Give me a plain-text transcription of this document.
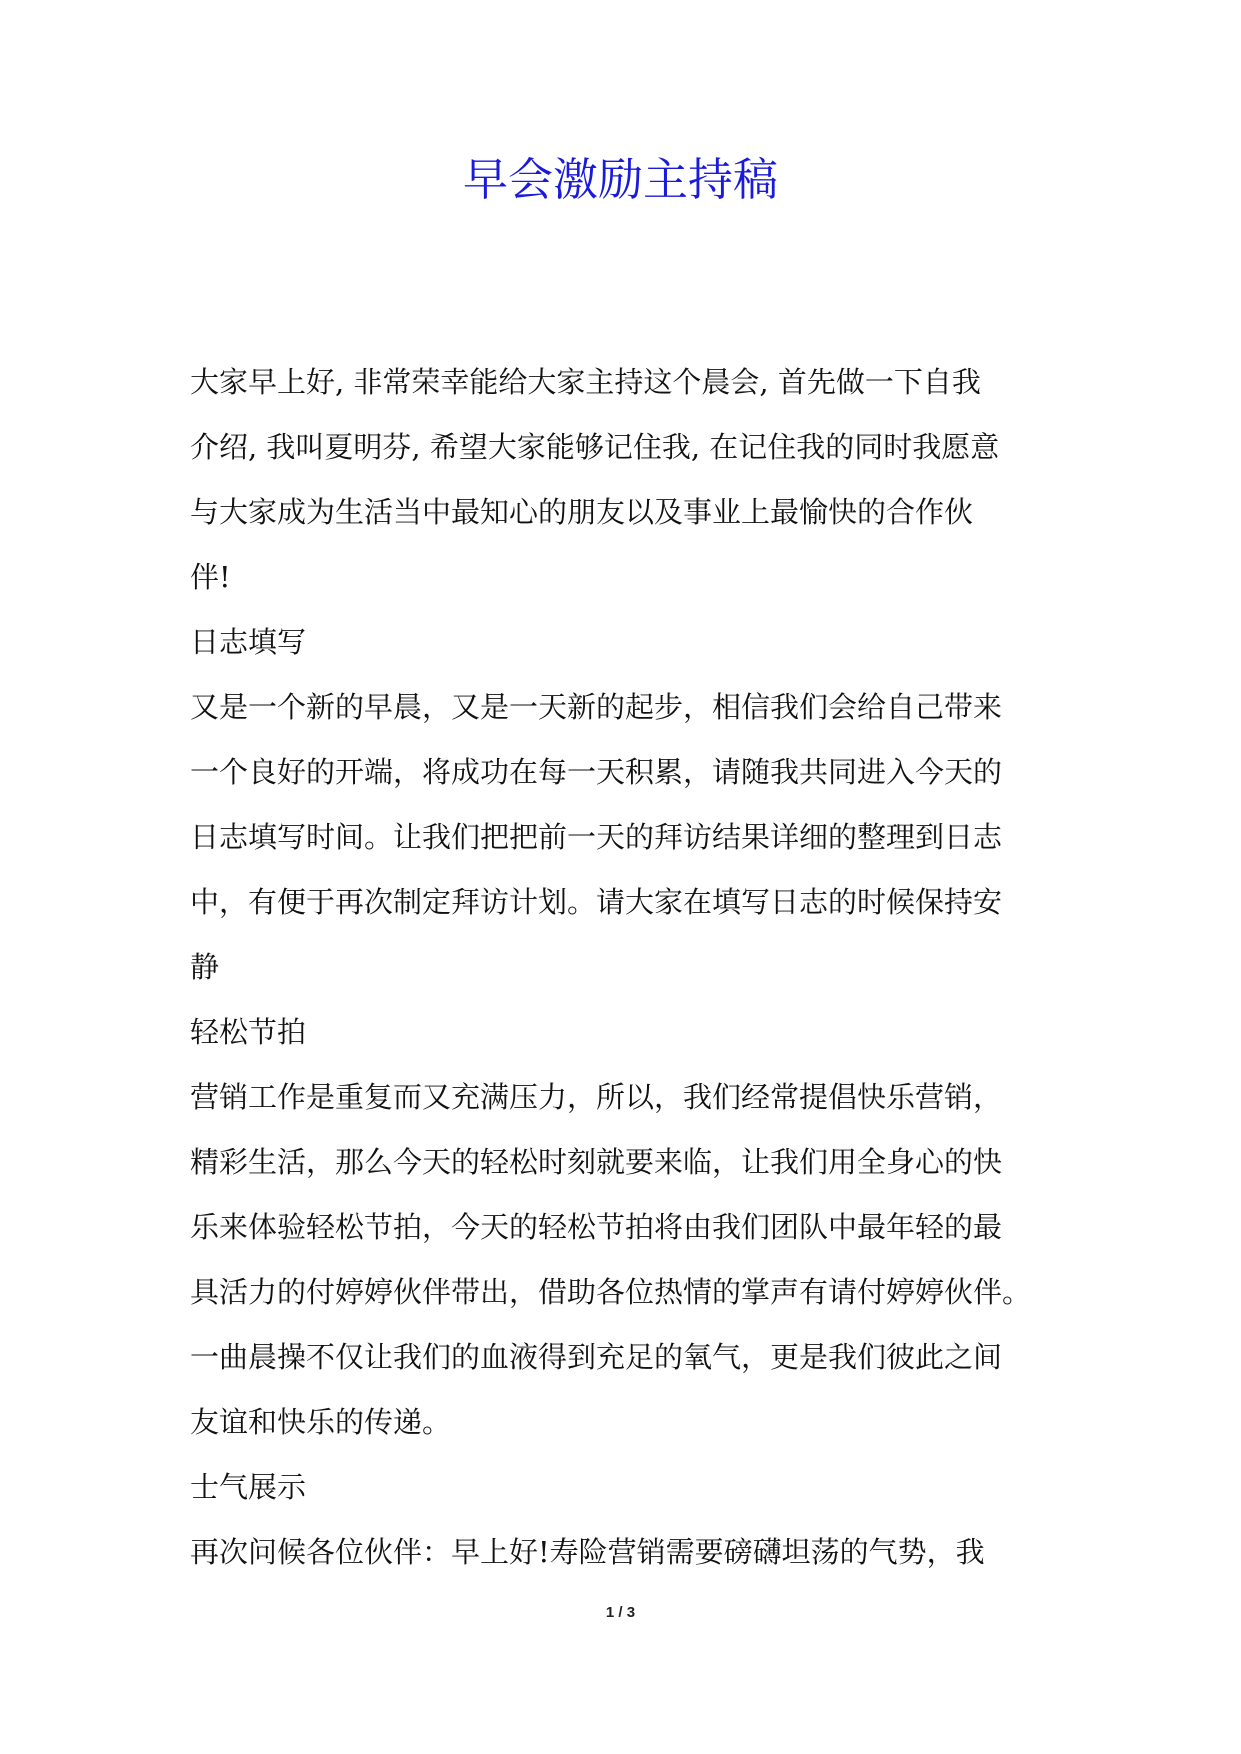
早会激励主持稿
大家早上好, 非常荣幸能给大家主持这个晨会, 首先做一下自我
介绍, 我叫夏明芬, 希望大家能够记住我, 在记住我的同时我愿意
与大家成为生活当中最知心的朋友以及事业上最愉快的合作伙
伴!
日志填写
又是一个新的早晨，又是一天新的起步，相信我们会给自己带来
一个良好的开端，将成功在每一天积累，请随我共同进入今天的
日志填写时间。让我们把把前一天的拜访结果详细的整理到日志
中，有便于再次制定拜访计划。请大家在填写日志的时候保持安
静
轻松节拍
营销工作是重复而又充满压力，所以，我们经常提倡快乐营销，
精彩生活，那么今天的轻松时刻就要来临，让我们用全身心的快
乐来体验轻松节拍，今天的轻松节拍将由我们团队中最年轻的最
具活力的付婷婷伙伴带出，借助各位热情的掌声有请付婷婷伙伴。
一曲晨操不仅让我们的血液得到充足的氧气，更是我们彼此之间
友谊和快乐的传递。
士气展示
再次问候各位伙伴：早上好!寿险营销需要磅礴坦荡的气势，我
1 / 3
